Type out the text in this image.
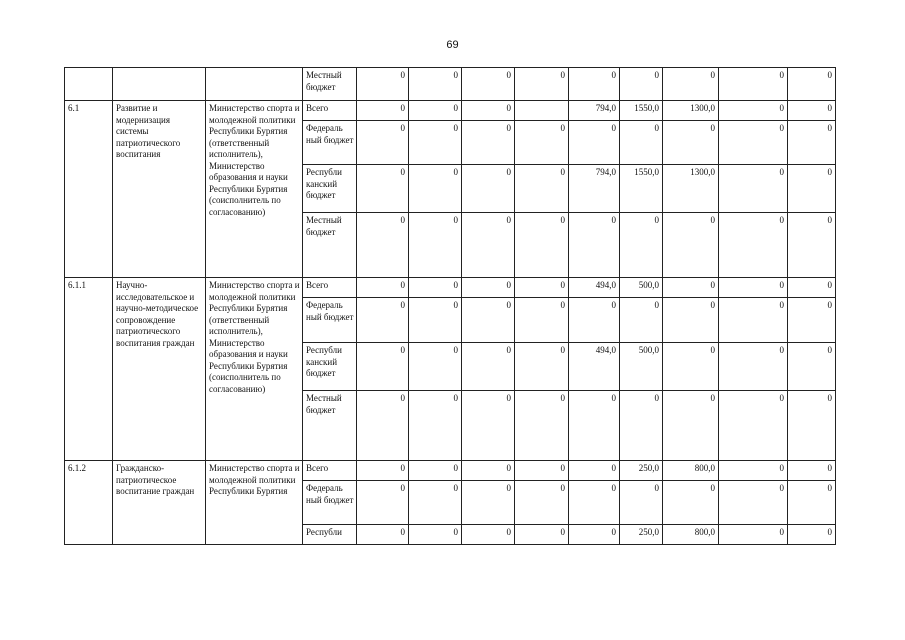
69
			Местный бюджет	0	0	0	0	0	0	0	0	0
6.1	Развитие и модернизация системы патриотического воспитания	Министерство спорта и молодежной политики Республики Бурятия (ответственный исполнитель), Министерство образования и науки Республики Бурятия (соисполнитель по согласованию)	Всего	0	0	0		794,0	1550,0	1300,0	0	0
			Федераль ный бюджет	0	0	0	0	0	0	0	0	0
			Республи канский бюджет	0	0	0	0	794,0	1550,0	1300,0	0	0
			Местный бюджет	0	0	0	0	0	0	0	0	0
6.1.1	Научно-исследовательское и научно-методическое сопровождение патриотического воспитания граждан	Министерство спорта и молодежной политики Республики Бурятия (ответственный исполнитель), Министерство образования и науки Республики Бурятия (соисполнитель по согласованию)	Всего	0	0	0	0	494,0	500,0	0	0	0
			Федераль ный бюджет	0	0	0	0	0	0	0	0	0
			Республи канский бюджет	0	0	0	0	494,0	500,0	0	0	0
			Местный бюджет	0	0	0	0	0	0	0	0	0
6.1.2	Гражданско-патриотическое воспитание граждан	Министерство спорта и молодежной политики Республики Бурятия	Всего	0	0	0	0	0	250,0	800,0	0	0
			Федераль ный бюджет	0	0	0	0	0	0	0	0	0
			Республи	0	0	0	0	0	250,0	800,0	0	0
